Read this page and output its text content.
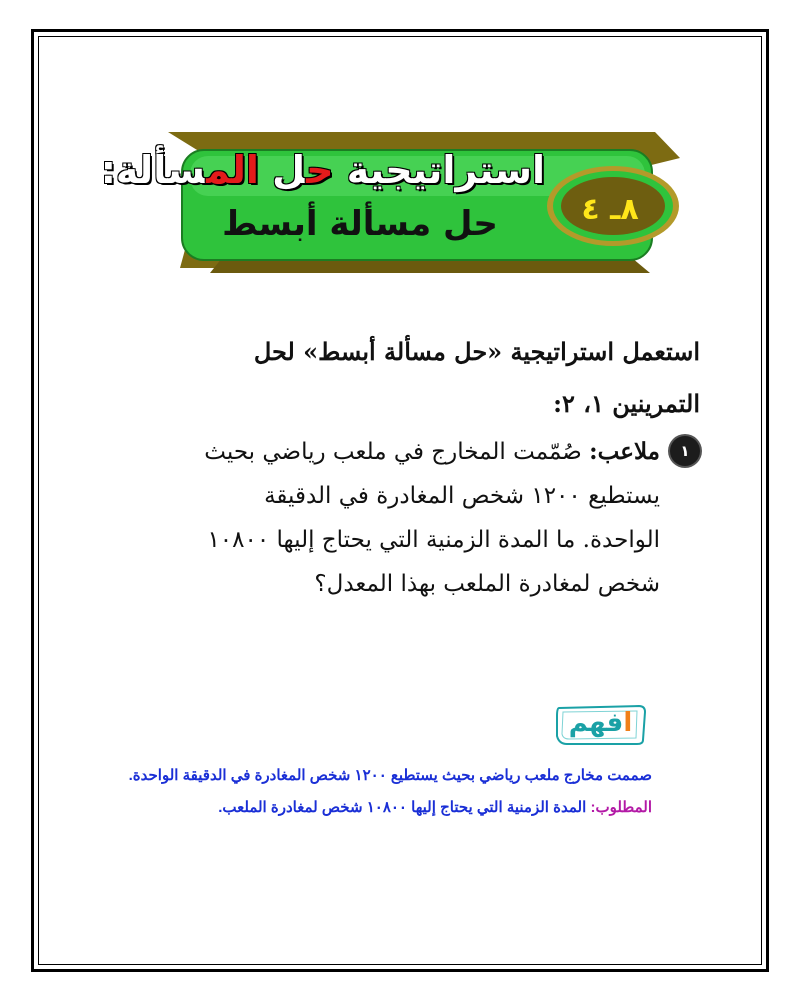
استراتيجية حل المسألة:
حل مسألة أبسط	٨ـ ٤
استعمل استراتيجية «حل مسألة أبسط» لحل
التمرينين ١، ٢:
١
ملاعب: صُمّمت المخارج في ملعب رياضي بحيث يستطيع ١٢٠٠ شخص المغادرة في الدقيقة الواحدة. ما المدة الزمنية التي يحتاج إليها ١٠٨٠٠ شخص لمغادرة الملعب بهذا المعدل؟
افهم
صممت مخارج ملعب رياضي بحيث يستطيع ١٢٠٠ شخص المغادرة في الدقيقة الواحدة.
المطلوب: المدة الزمنية التي يحتاج إليها ١٠٨٠٠ شخص لمغادرة الملعب.
